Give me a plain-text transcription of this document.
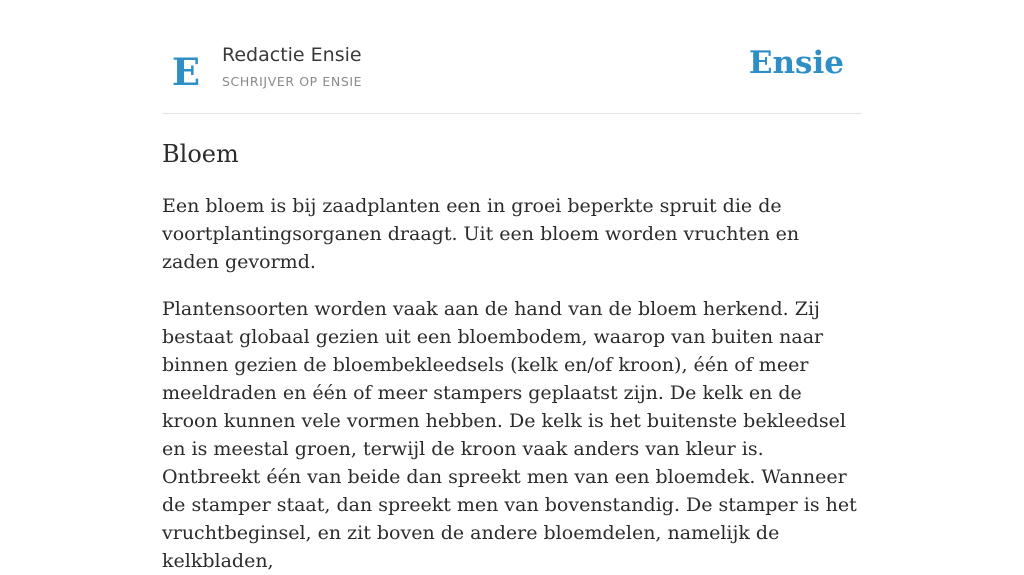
E	Redactie Ensie
SCHRIJVER OP ENSIE
Ensie
Bloem

Een bloem is bij zaadplanten een in groei beperkte spruit die de voortplantingsorganen draagt. Uit een bloem worden vruchten en zaden gevormd.

Plantensoorten worden vaak aan de hand van de bloem herkend. Zij bestaat globaal gezien uit een bloembodem, waarop van buiten naar binnen gezien de bloembekleedsels (kelk en/of kroon), één of meer meeldraden en één of meer stampers geplaatst zijn. De kelk en de kroon kunnen vele vormen hebben. De kelk is het buitenste bekleedsel en is meestal groen, terwijl de kroon vaak anders van kleur is. Ontbreekt één van beide dan spreekt men van een bloemdek. Wanneer de stamper staat, dan spreekt men van bovenstandig. De stamper is het vruchtbeginsel, en zit boven de andere bloemdelen, namelijk de kelkbladen,
